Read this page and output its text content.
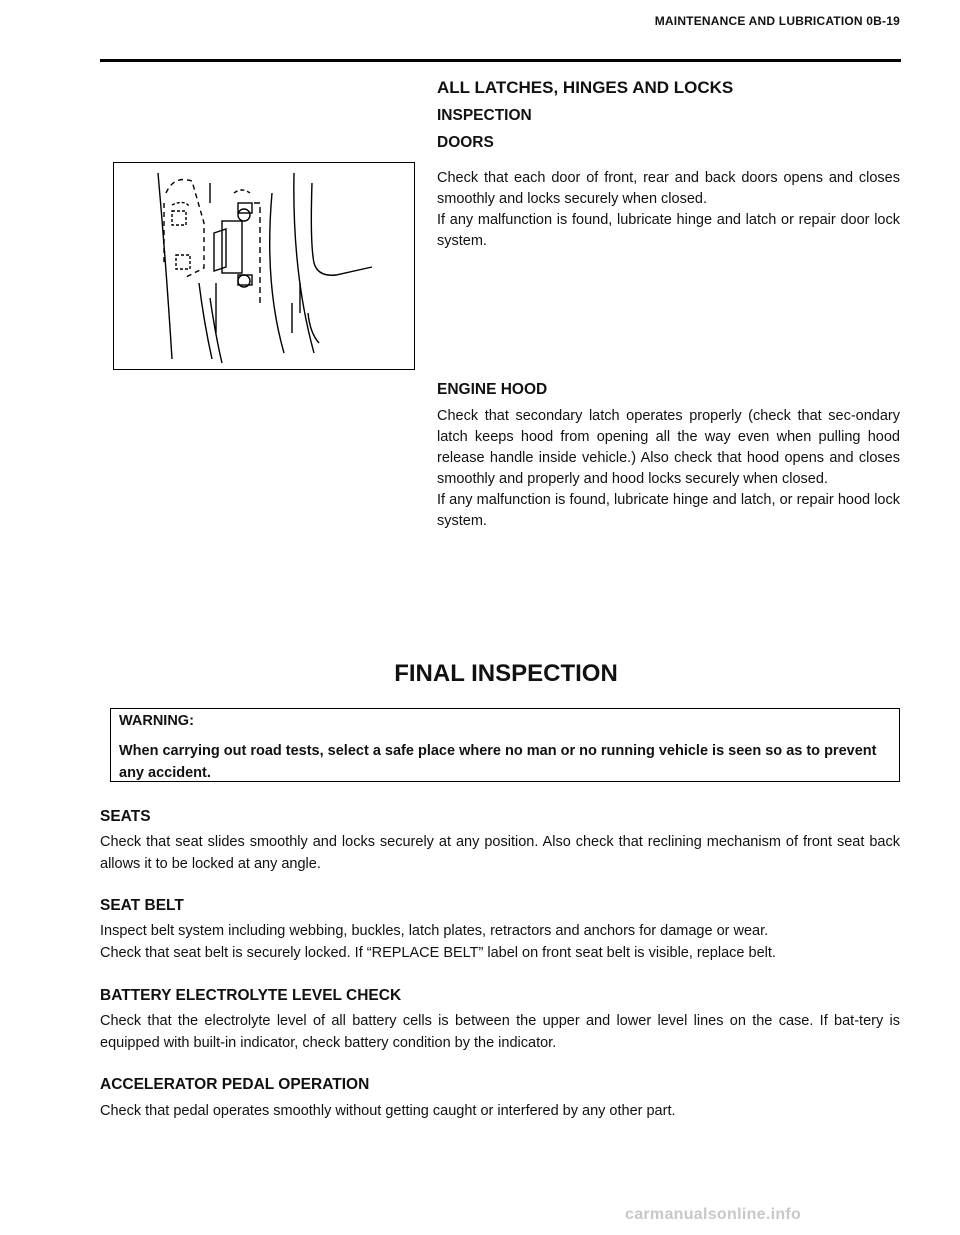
MAINTENANCE AND LUBRICATION 0B-19
ALL LATCHES, HINGES AND LOCKS
INSPECTION
DOORS

Check that each door of front, rear and back doors opens and closes smoothly and locks securely when closed.

If any malfunction is found, lubricate hinge and latch or repair door lock system.

ENGINE HOOD

Check that secondary latch operates properly (check that sec-ondary latch keeps hood from opening all the way even when pulling hood release handle inside vehicle.) Also check that hood opens and closes smoothly and properly and hood locks securely when closed.

If any malfunction is found, lubricate hinge and latch, or repair hood lock system.

FINAL INSPECTION
WARNING:
When carrying out road tests, select a safe place where no man or no running vehicle is seen so as to prevent any accident.
SEATS

Check that seat slides smoothly and locks securely at any position. Also check that reclining mechanism of front seat back allows it to be locked at any angle.

SEAT BELT

Inspect belt system including webbing, buckles, latch plates, retractors and anchors for damage or wear.

Check that seat belt is securely locked. If “REPLACE BELT” label on front seat belt is visible, replace belt.

BATTERY ELECTROLYTE LEVEL CHECK

Check that the electrolyte level of all battery cells is between the upper and lower level lines on the case. If bat-tery is equipped with built-in indicator, check battery condition by the indicator.

ACCELERATOR PEDAL OPERATION

Check that pedal operates smoothly without getting caught or interfered by any other part.

carmanualsonline.info
